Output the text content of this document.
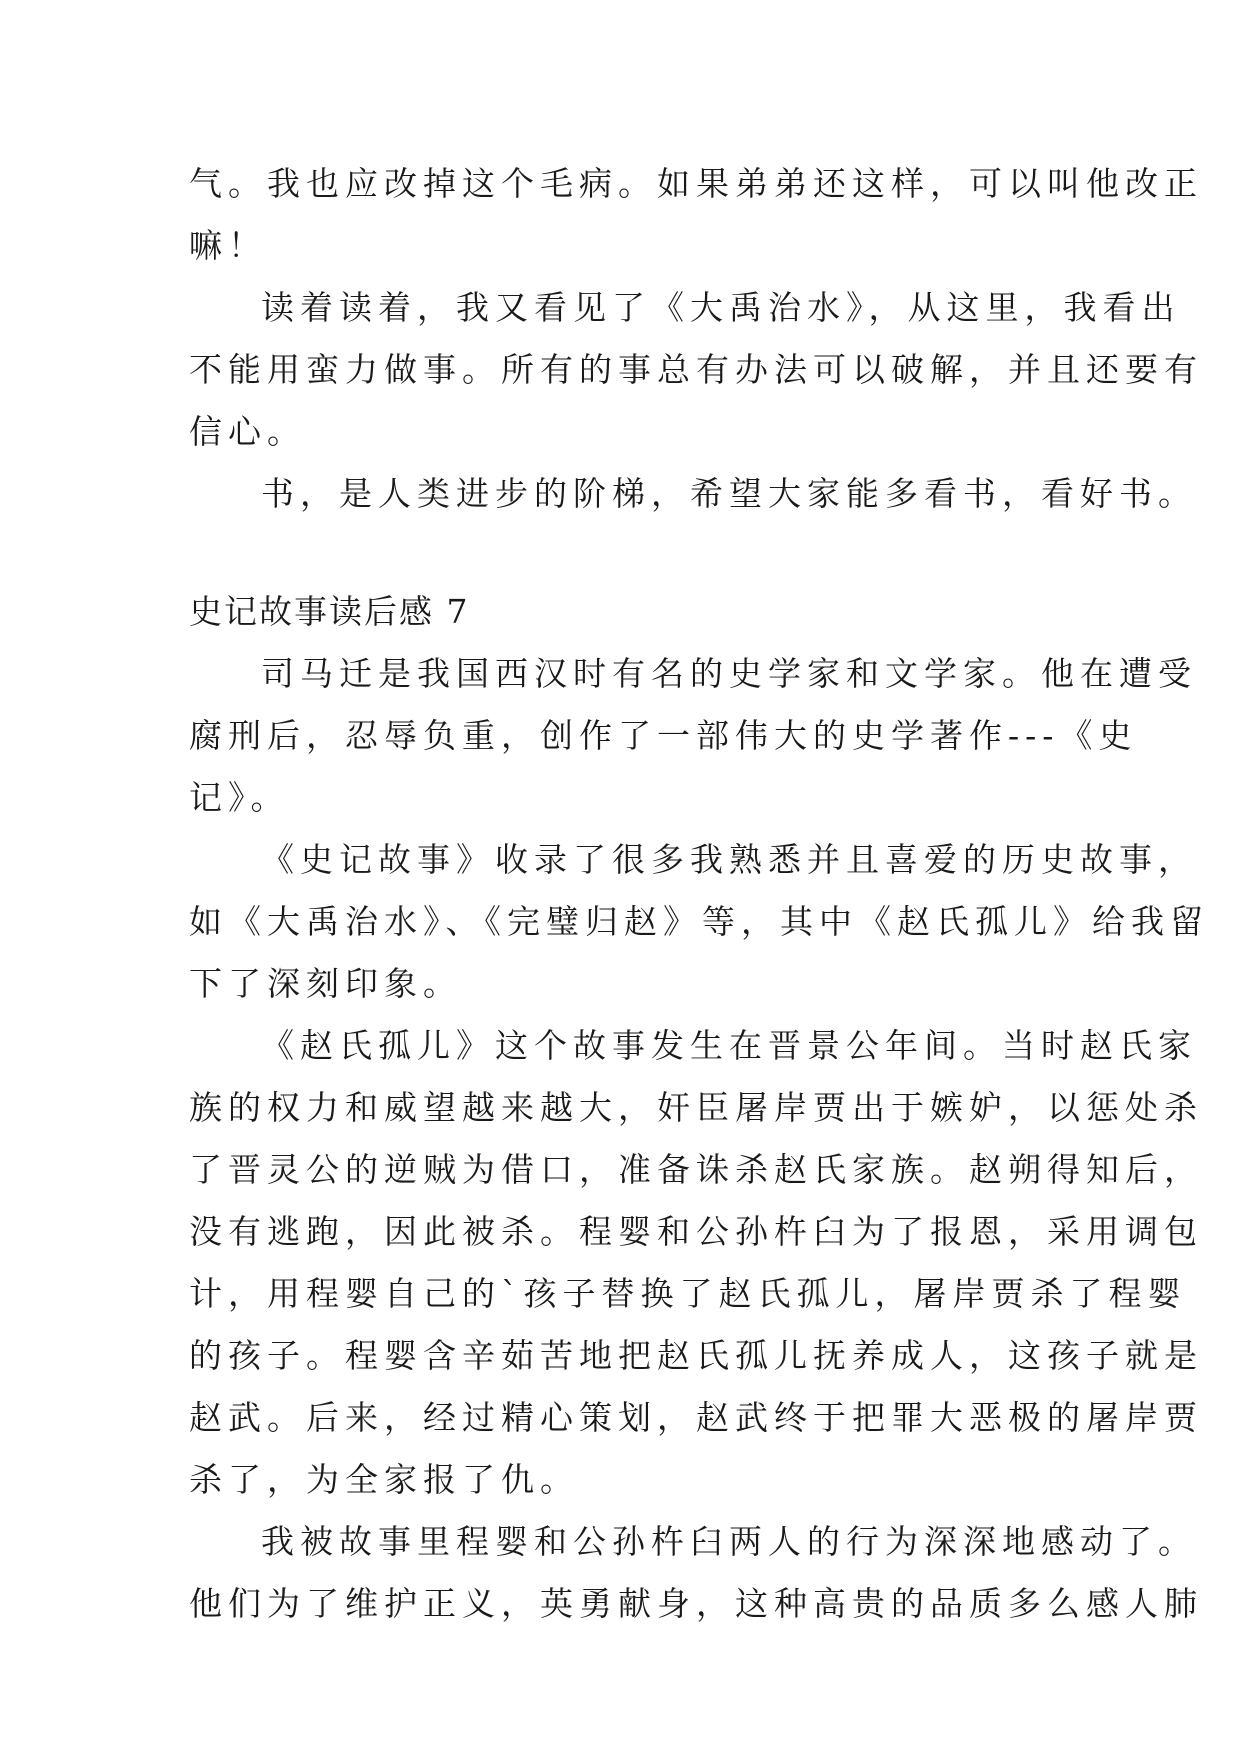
气。我也应改掉这个毛病。如果弟弟还这样，可以叫他改正
嘛！
读着读着，我又看见了《大禹治水》，从这里，我看出
不能用蛮力做事。所有的事总有办法可以破解，并且还要有
信心。
书，是人类进步的阶梯，希望大家能多看书，看好书。
史记故事读后感 7
司马迁是我国西汉时有名的史学家和文学家。他在遭受
腐刑后，忍辱负重，创作了一部伟大的史学著作---《史
记》。
《史记故事》收录了很多我熟悉并且喜爱的历史故事，
如《大禹治水》、《完璧归赵》等，其中《赵氏孤儿》给我留
下了深刻印象。
《赵氏孤儿》这个故事发生在晋景公年间。当时赵氏家
族的权力和威望越来越大，奸臣屠岸贾出于嫉妒，以惩处杀
了晋灵公的逆贼为借口，准备诛杀赵氏家族。赵朔得知后，
没有逃跑，因此被杀。程婴和公孙杵臼为了报恩，采用调包
计，用程婴自己的`孩子替换了赵氏孤儿，屠岸贾杀了程婴
的孩子。程婴含辛茹苦地把赵氏孤儿抚养成人，这孩子就是
赵武。后来，经过精心策划，赵武终于把罪大恶极的屠岸贾
杀了，为全家报了仇。
我被故事里程婴和公孙杵臼两人的行为深深地感动了。
他们为了维护正义，英勇献身，这种高贵的品质多么感人肺
